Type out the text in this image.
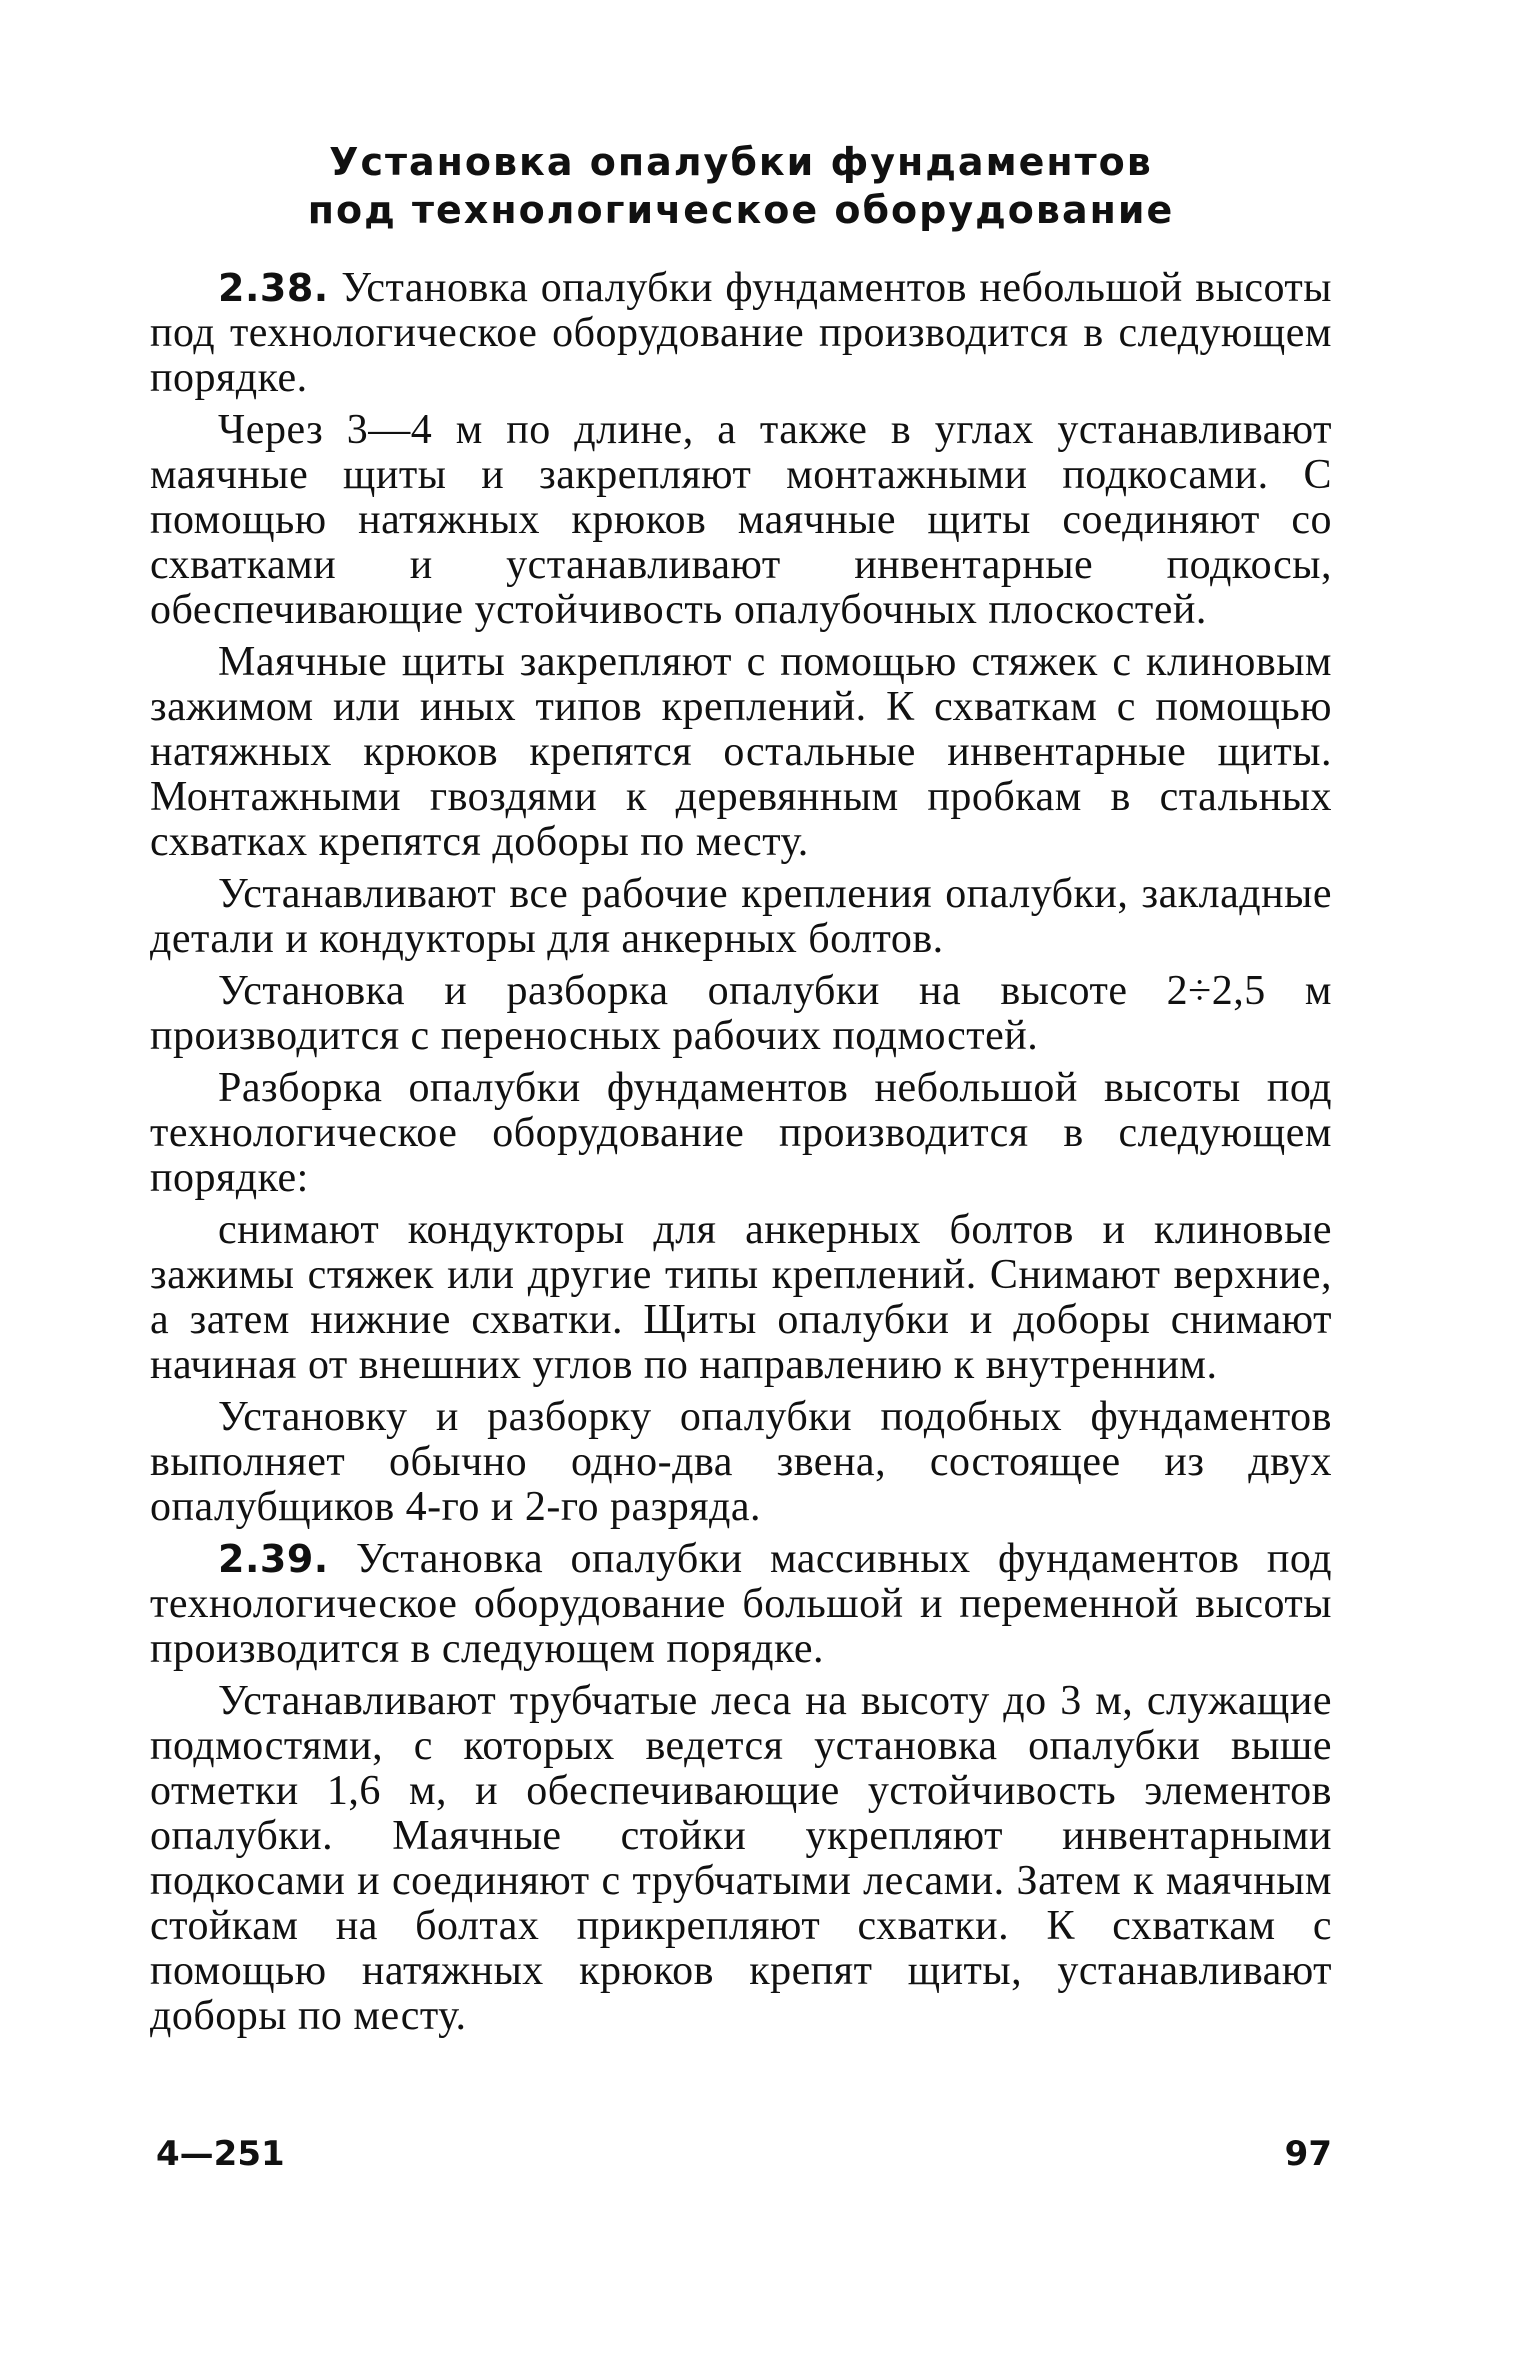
Установка опалубки фундаментов
под технологическое оборудование

2.38. Установка опалубки фундаментов небольшой высоты под технологическое оборудование производится в следующем порядке.

Через 3—4 м по длине, а также в углах устанавливают маячные щиты и закрепляют монтажными подкосами. С помощью натяжных крюков маячные щиты соединяют со схватками и устанавливают инвентарные подкосы, обеспечивающие устойчивость опалубочных плоскостей.

Маячные щиты закрепляют с помощью стяжек с клиновым зажимом или иных типов креплений. К схваткам с помощью натяжных крюков крепятся остальные инвентарные щиты. Монтажными гвоздями к деревянным пробкам в стальных схватках крепятся доборы по месту.

Устанавливают все рабочие крепления опалубки, закладные детали и кондукторы для анкерных болтов.

Установка и разборка опалубки на высоте 2÷2,5 м производится с переносных рабочих подмостей.

Разборка опалубки фундаментов небольшой высоты под технологическое оборудование производится в следующем порядке:

снимают кондукторы для анкерных болтов и клиновые зажимы стяжек или другие типы креплений. Снимают верхние, а затем нижние схватки. Щиты опалубки и доборы снимают начиная от внешних углов по направлению к внутренним.

Установку и разборку опалубки подобных фундаментов выполняет обычно одно-два звена, состоящее из двух опалубщиков 4-го и 2-го разряда.

2.39. Установка опалубки массивных фундаментов под технологическое оборудование большой и переменной высоты производится в следующем порядке.

Устанавливают трубчатые леса на высоту до 3 м, служащие подмостями, с которых ведется установка опалубки выше отметки 1,6 м, и обеспечивающие устойчивость элементов опалубки. Маячные стойки укрепляют инвентарными подкосами и соединяют с трубчатыми лесами. Затем к маячным стойкам на болтах прикрепляют схватки. К схваткам с помощью натяжных крюков крепят щиты, устанавливают доборы по месту.

4—251	97
